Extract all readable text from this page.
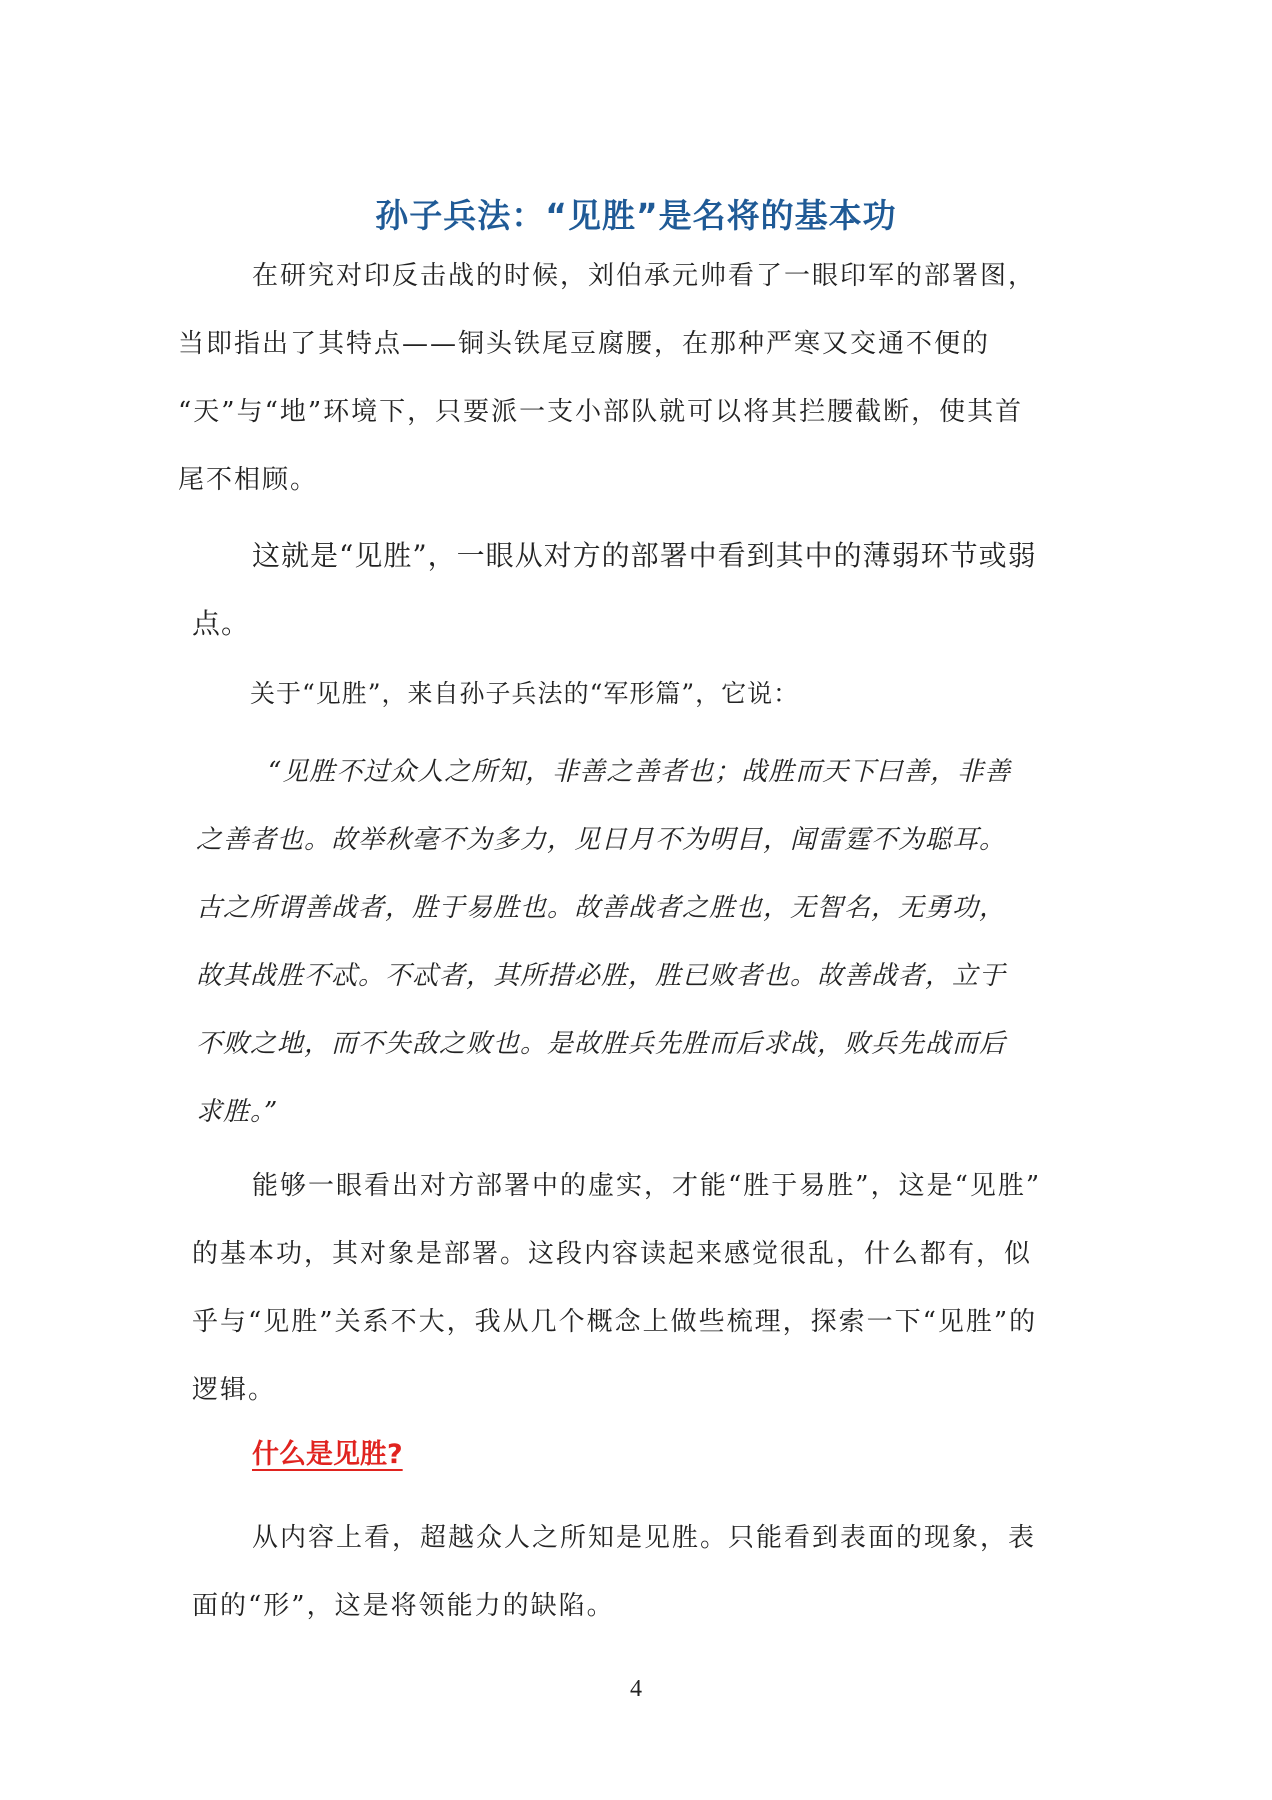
孙子兵法：“见胜”是名将的基本功

在研究对印反击战的时候，刘伯承元帅看了一眼印军的部署图，
当即指出了其特点——铜头铁尾豆腐腰，在那种严寒又交通不便的
“天”与“地”环境下，只要派一支小部队就可以将其拦腰截断，使其首
尾不相顾。

这就是“见胜”，一眼从对方的部署中看到其中的薄弱环节或弱
点。

关于“见胜”，来自孙子兵法的“军形篇”，它说：

“见胜不过众人之所知，非善之善者也；战胜而天下曰善，非善
之善者也。故举秋毫不为多力，见日月不为明目，闻雷霆不为聪耳。
古之所谓善战者，胜于易胜也。故善战者之胜也，无智名，无勇功，
故其战胜不忒。不忒者，其所措必胜，胜已败者也。故善战者，立于
不败之地，而不失敌之败也。是故胜兵先胜而后求战，败兵先战而后
求胜。”

能够一眼看出对方部署中的虚实，才能“胜于易胜”，这是“见胜”
的基本功，其对象是部署。这段内容读起来感觉很乱，什么都有，似
乎与“见胜”关系不大，我从几个概念上做些梳理，探索一下“见胜”的
逻辑。

什么是见胜?

从内容上看，超越众人之所知是见胜。只能看到表面的现象，表
面的“形”，这是将领能力的缺陷。

4
